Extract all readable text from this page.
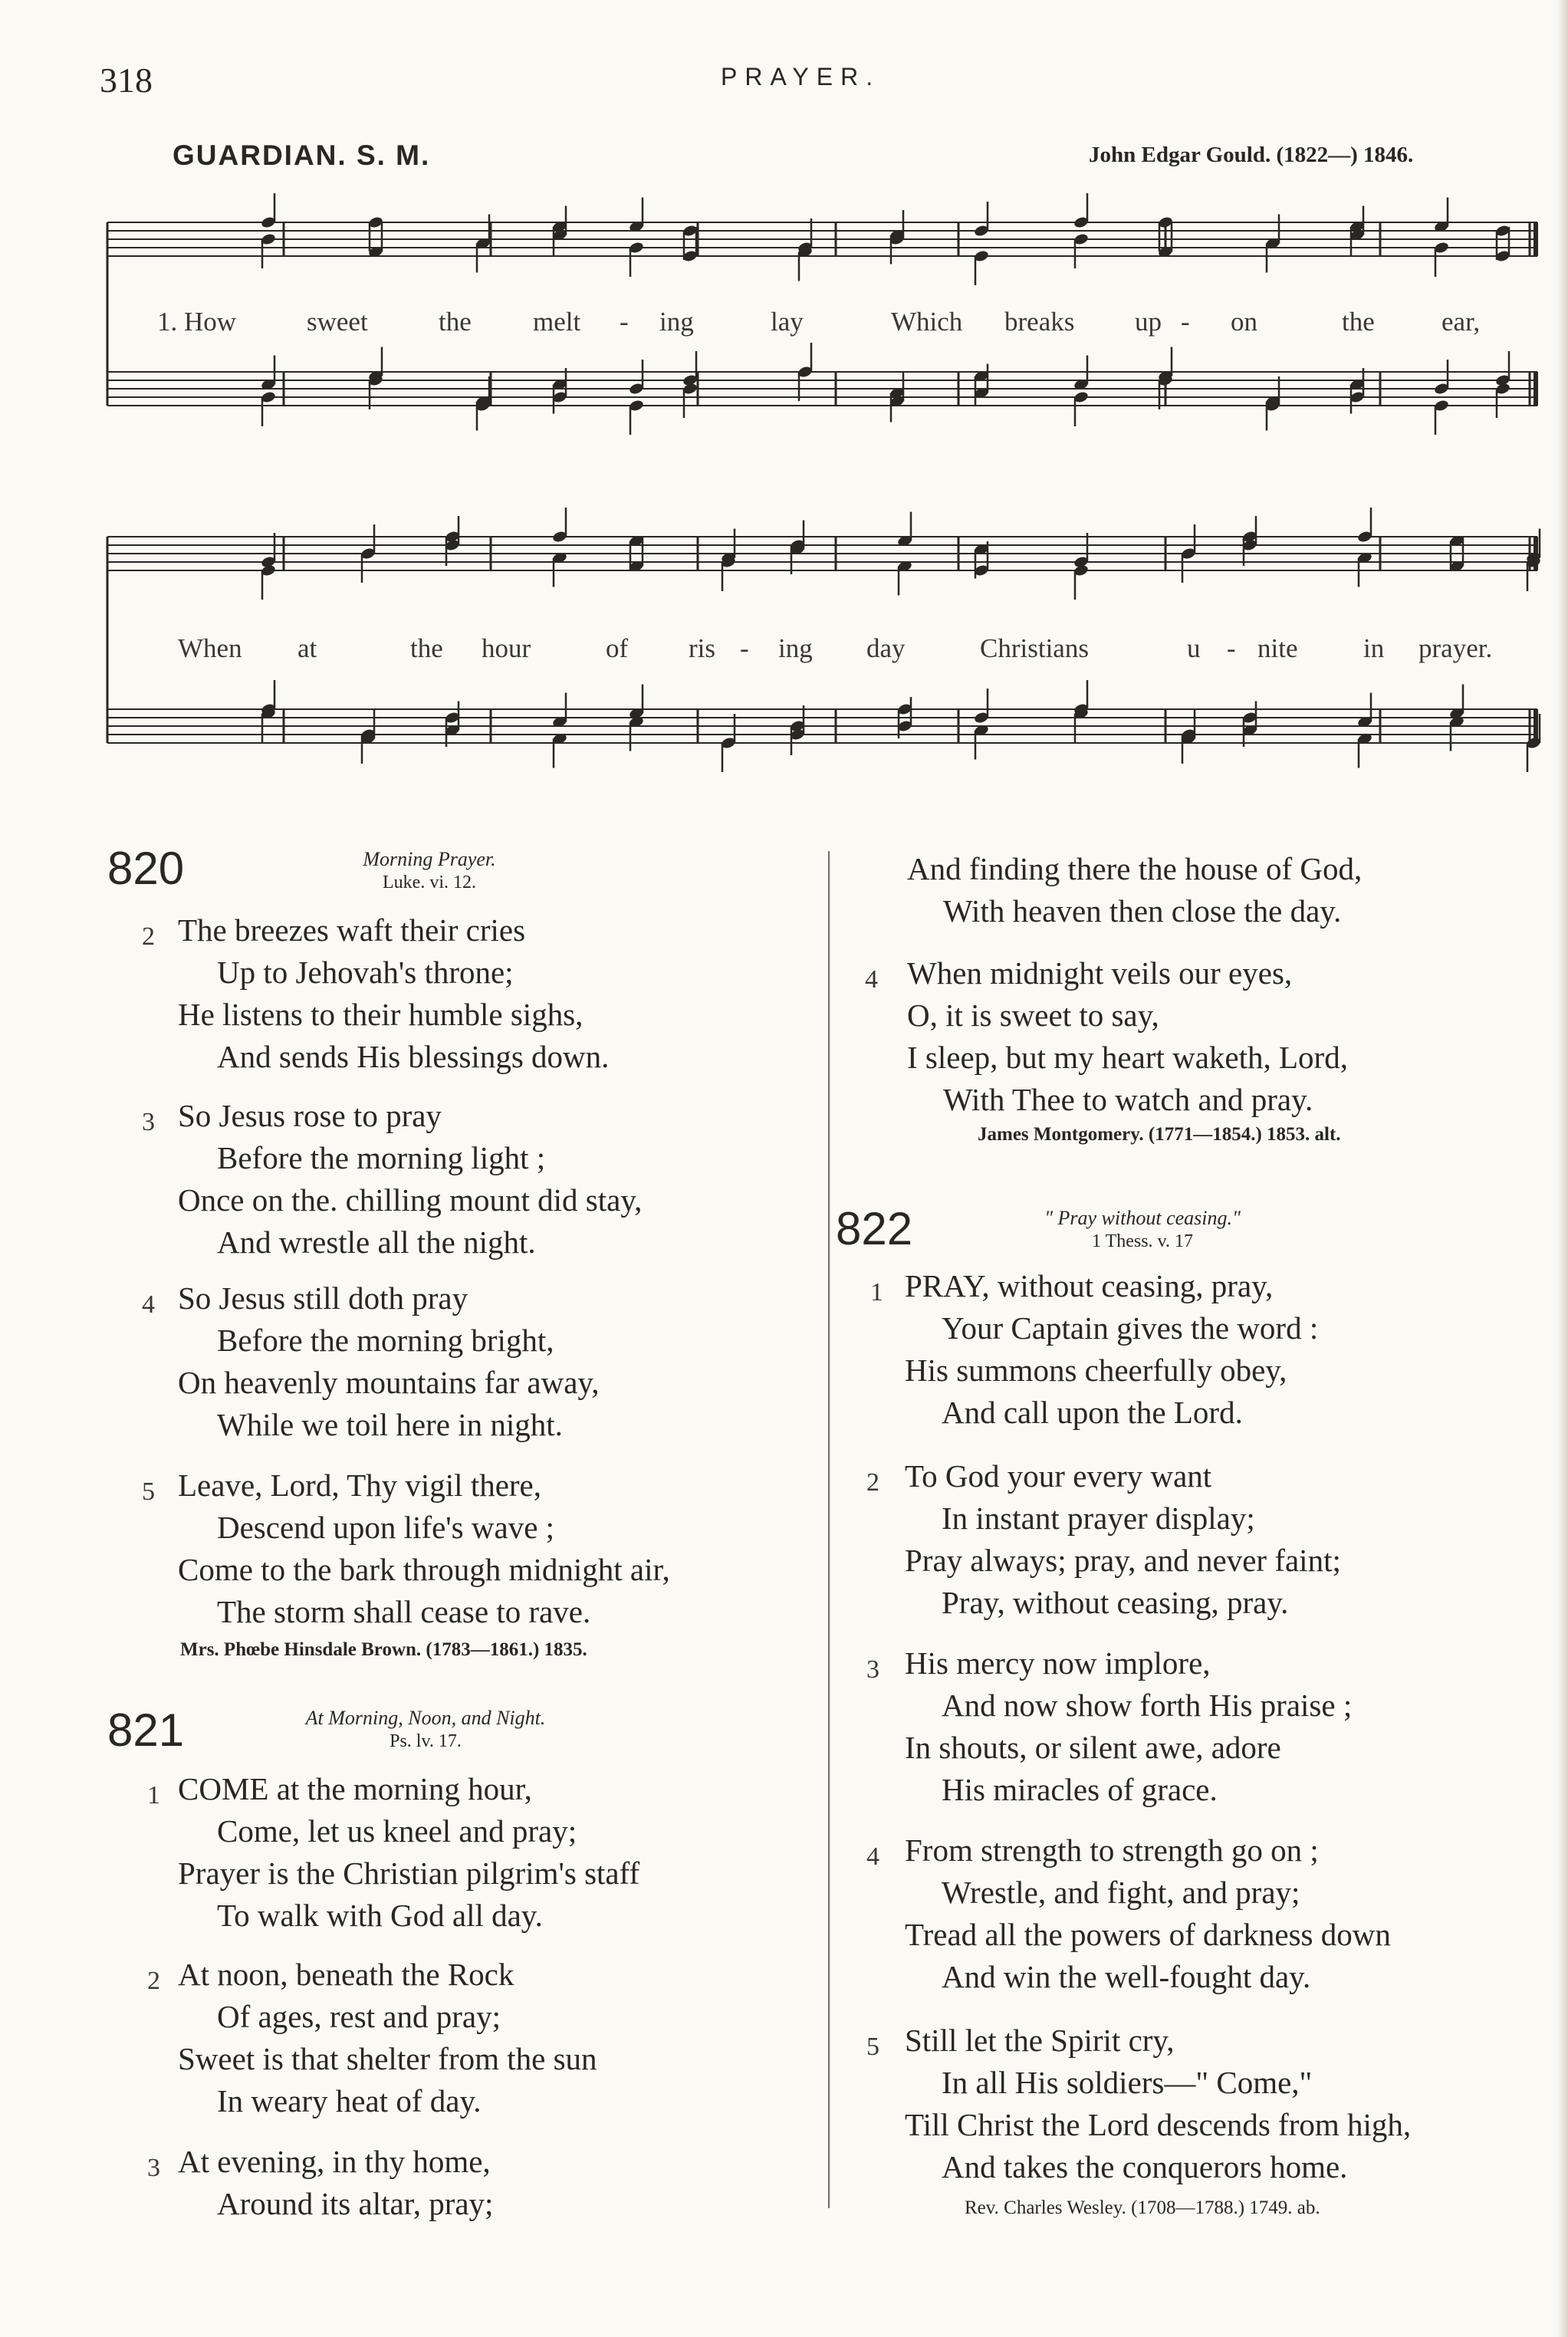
318	PRAYER.
GUARDIAN. S. M.	John Edgar Gould. (1822—) 1846.
1. How	sweet	the melt - ing	lay	Which breaks up - on	the ear,
When at	the hour	of ris - ing day	Christians	u - nite in prayer.
820	Morning Prayer.
Luke. vi. 12.
2 The breezes waft their cries
Up to Jehovah's throne;
He listens to their humble sighs,
And sends His blessings down.
3 So Jesus rose to pray
Before the morning light ;
Once on the. chilling mount did stay,
And wrestle all the night.
4 So Jesus still doth pray
Before the morning bright,
On heavenly mountains far away,
While we toil here in night.
5 Leave, Lord, Thy vigil there,
Descend upon life's wave ;
Come to the bark through midnight air,
The storm shall cease to rave.
Mrs. Phœbe Hinsdale Brown. (1783—1861.) 1835.
821	At Morning, Noon, and Night.
Ps. lv. 17.
1 COME at the morning hour,
Come, let us kneel and pray;
Prayer is the Christian pilgrim's staff
To walk with God all day.
2 At noon, beneath the Rock
Of ages, rest and pray;
Sweet is that shelter from the sun
In weary heat of day.
3 At evening, in thy home,
Around its altar, pray;
And finding there the house of God,
With heaven then close the day.
4 When midnight veils our eyes,
O, it is sweet to say,
I sleep, but my heart waketh, Lord,
With Thee to watch and pray.
James Montgomery. (1771—1854.) 1853. alt.
822	" Pray without ceasing."
1 Thess. v. 17
1 PRAY, without ceasing, pray,
Your Captain gives the word :
His summons cheerfully obey,
And call upon the Lord.
2 To God your every want
In instant prayer display;
Pray always; pray, and never faint;
Pray, without ceasing, pray.
3 His mercy now implore,
And now show forth His praise ;
In shouts, or silent awe, adore
His miracles of grace.
4 From strength to strength go on ;
Wrestle, and fight, and pray;
Tread all the powers of darkness down
And win the well-fought day.
5 Still let the Spirit cry,
In all His soldiers—" Come,"
Till Christ the Lord descends from high,
And takes the conquerors home.
Rev. Charles Wesley. (1708—1788.) 1749. ab.
